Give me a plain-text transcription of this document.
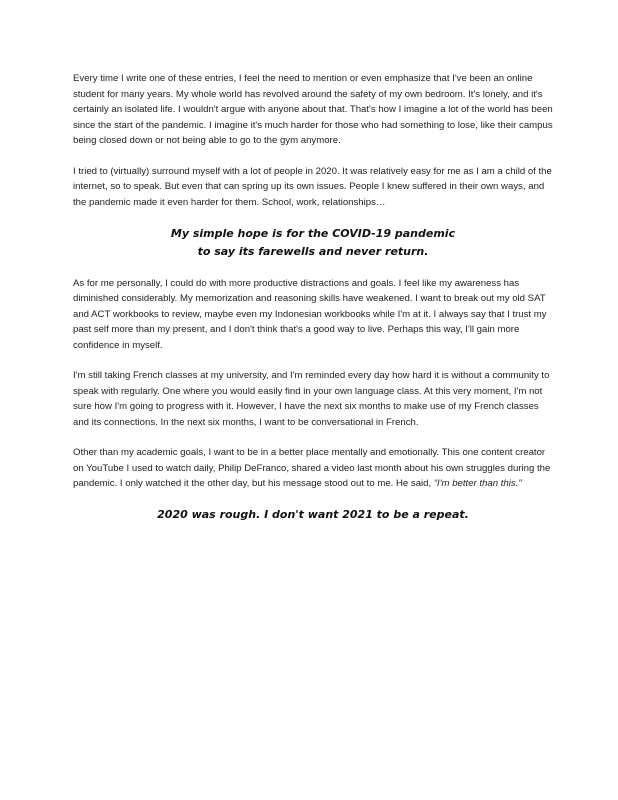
Every time I write one of these entries, I feel the need to mention or even emphasize that I've been an online student for many years. My whole world has revolved around the safety of my own bedroom. It's lonely, and it's certainly an isolated life. I wouldn't argue with anyone about that. That's how I imagine a lot of the world has been since the start of the pandemic. I imagine it's much harder for those who had something to lose, like their campus being closed down or not being able to go to the gym anymore.

I tried to (virtually) surround myself with a lot of people in 2020. It was relatively easy for me as I am a child of the internet, so to speak. But even that can spring up its own issues. People I knew suffered in their own ways, and the pandemic made it even harder for them. School, work, relationships…

My simple hope is for the COVID-19 pandemic
to say its farewells and never return.

As for me personally, I could do with more productive distractions and goals. I feel like my awareness has diminished considerably. My memorization and reasoning skills have weakened. I want to break out my old SAT and ACT workbooks to review, maybe even my Indonesian workbooks while I'm at it. I always say that I trust my past self more than my present, and I don't think that's a good way to live. Perhaps this way, I'll gain more confidence in myself.

I'm still taking French classes at my university, and I'm reminded every day how hard it is without a community to speak with regularly. One where you would easily find in your own language class. At this very moment, I'm not sure how I'm going to progress with it. However, I have the next six months to make use of my French classes and its connections. In the next six months, I want to be conversational in French.

Other than my academic goals, I want to be in a better place mentally and emotionally. This one content creator on YouTube I used to watch daily, Philip DeFranco, shared a video last month about his own struggles during the pandemic. I only watched it the other day, but his message stood out to me. He said, “I'm better than this.”

2020 was rough. I don't want 2021 to be a repeat.
